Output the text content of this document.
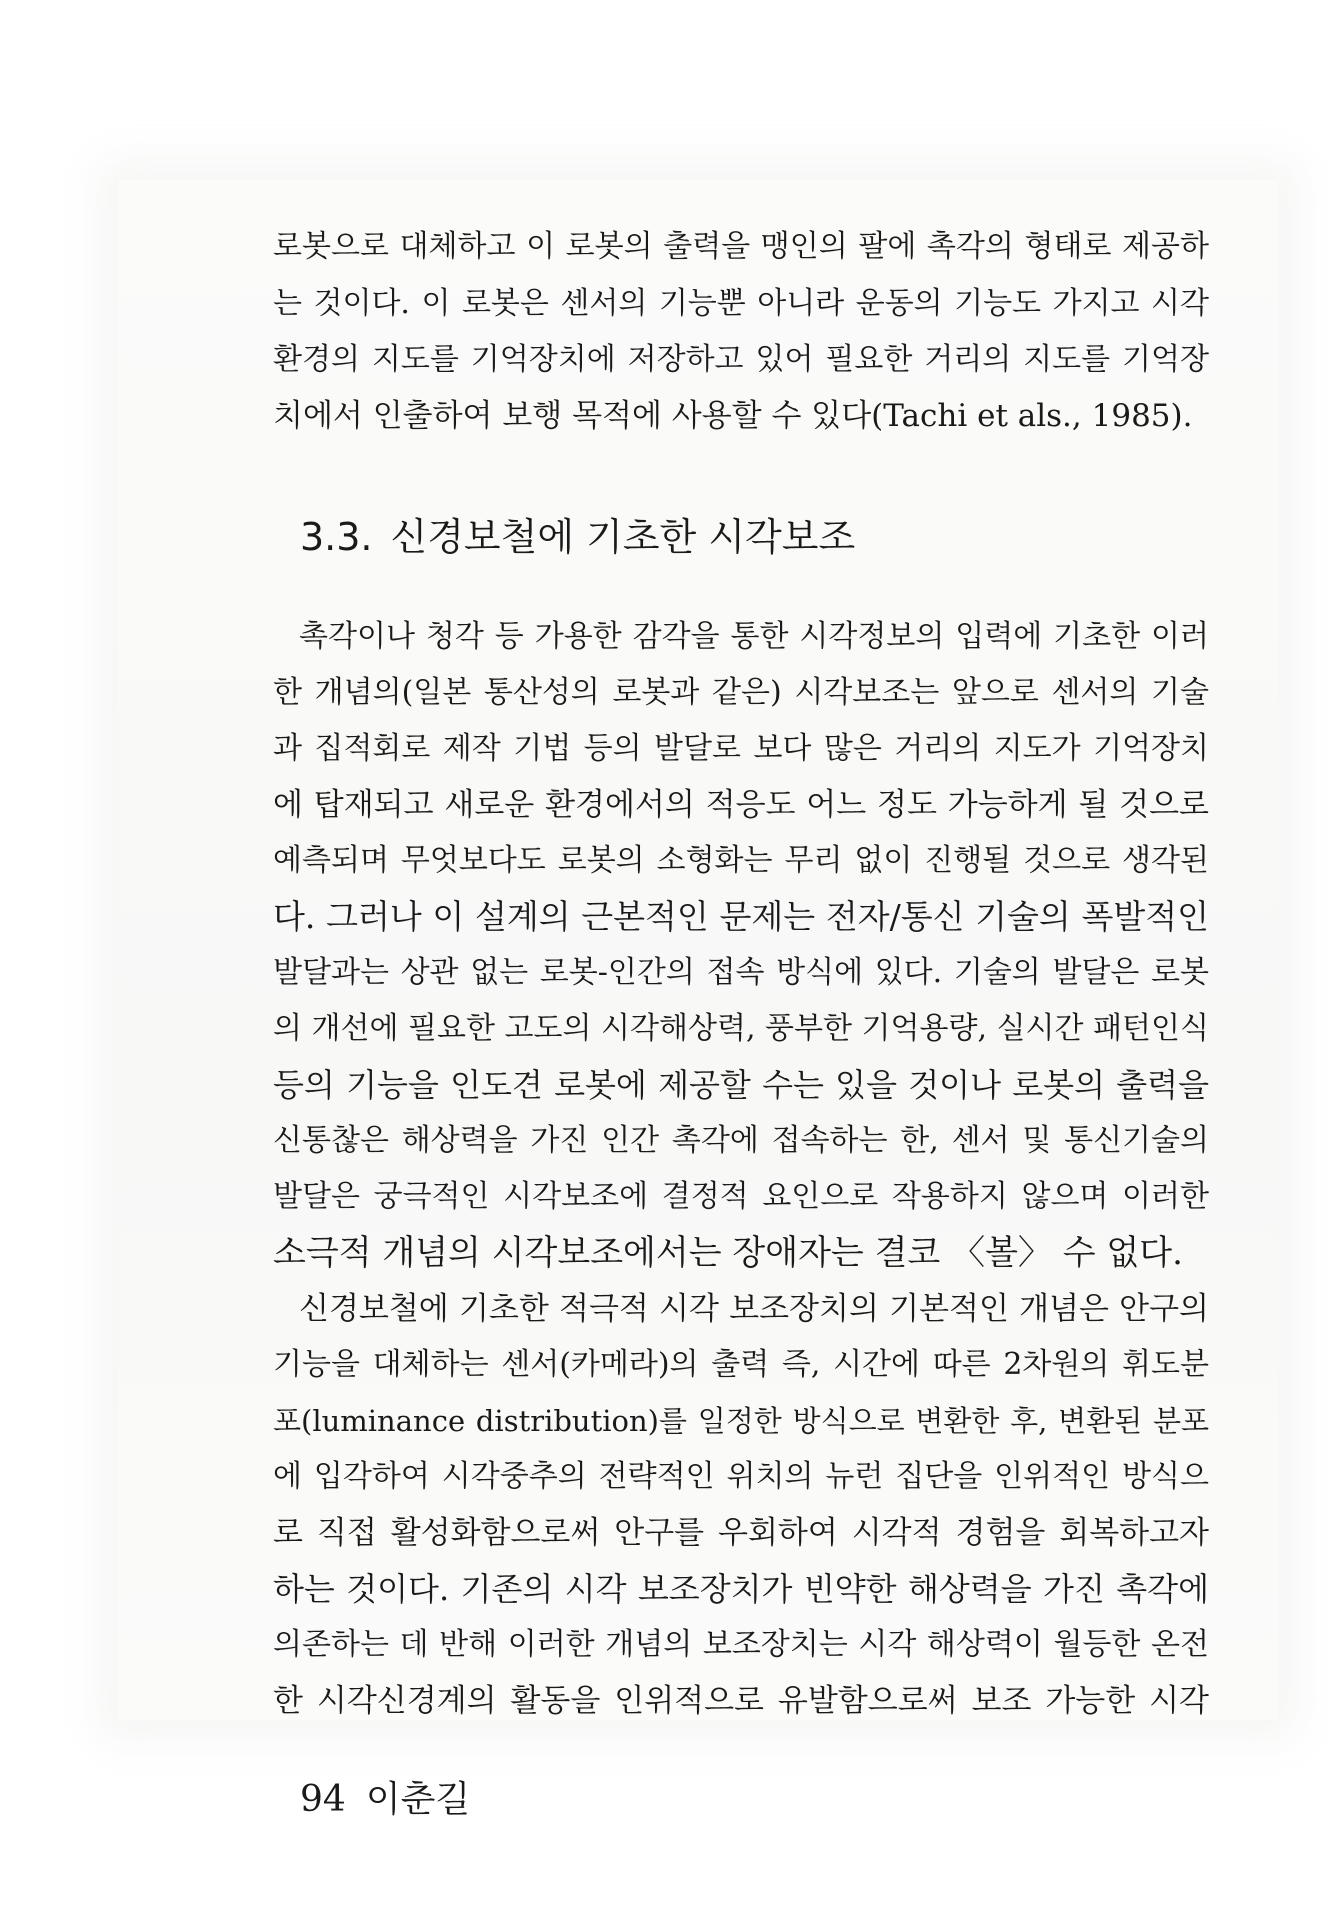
로봇으로 대체하고 이 로봇의 출력을 맹인의 팔에 촉각의 형태로 제공하
는 것이다. 이 로봇은 센서의 기능뿐 아니라 운동의 기능도 가지고 시각
환경의 지도를 기억장치에 저장하고 있어 필요한 거리의 지도를 기억장
치에서 인출하여 보행 목적에 사용할 수 있다(Tachi et als., 1985).
3.3. 신경보철에 기초한 시각보조
촉각이나 청각 등 가용한 감각을 통한 시각정보의 입력에 기초한 이러
한 개념의(일본 통산성의 로봇과 같은) 시각보조는 앞으로 센서의 기술
과 집적회로 제작 기법 등의 발달로 보다 많은 거리의 지도가 기억장치
에 탑재되고 새로운 환경에서의 적응도 어느 정도 가능하게 될 것으로
예측되며 무엇보다도 로봇의 소형화는 무리 없이 진행될 것으로 생각된
다. 그러나 이 설계의 근본적인 문제는 전자/통신 기술의 폭발적인
발달과는 상관 없는 로봇-인간의 접속 방식에 있다. 기술의 발달은 로봇
의 개선에 필요한 고도의 시각해상력, 풍부한 기억용량, 실시간 패턴인식
등의 기능을 인도견 로봇에 제공할 수는 있을 것이나 로봇의 출력을
신통찮은 해상력을 가진 인간 촉각에 접속하는 한, 센서 및 통신기술의
발달은 궁극적인 시각보조에 결정적 요인으로 작용하지 않으며 이러한
소극적 개념의 시각보조에서는 장애자는 결코 〈볼〉 수 없다.
신경보철에 기초한 적극적 시각 보조장치의 기본적인 개념은 안구의
기능을 대체하는 센서(카메라)의 출력 즉, 시간에 따른 2차원의 휘도분
포(luminance distribution)를 일정한 방식으로 변환한 후, 변환된 분포
에 입각하여 시각중추의 전략적인 위치의 뉴런 집단을 인위적인 방식으
로 직접 활성화함으로써 안구를 우회하여 시각적 경험을 회복하고자
하는 것이다. 기존의 시각 보조장치가 빈약한 해상력을 가진 촉각에
의존하는 데 반해 이러한 개념의 보조장치는 시각 해상력이 월등한 온전
한 시각신경계의 활동을 인위적으로 유발함으로써 보조 가능한 시각
94 이춘길
